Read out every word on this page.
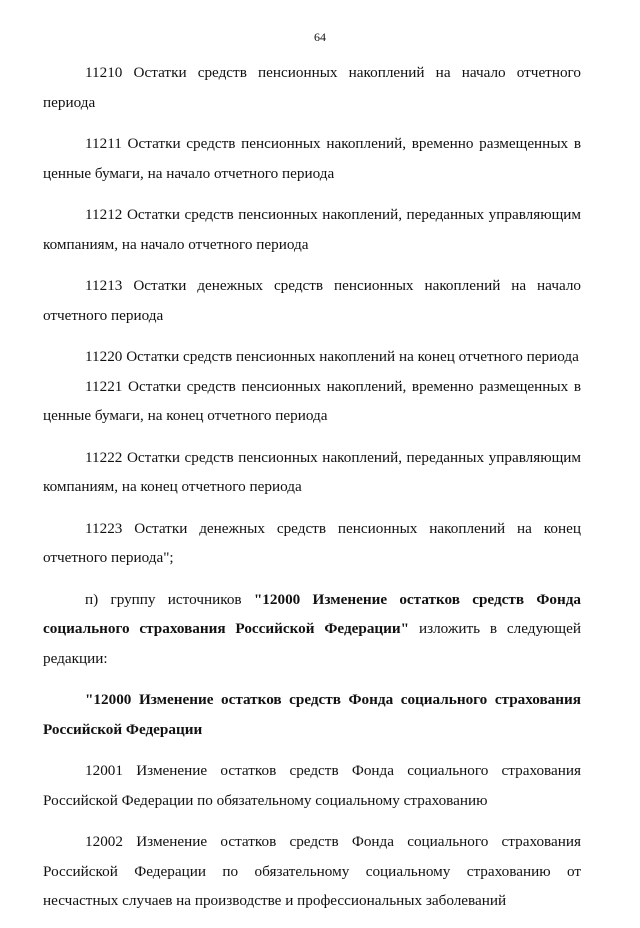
64

11210 Остатки средств пенсионных накоплений на начало отчетного периода

11211 Остатки средств пенсионных накоплений, временно размещенных в ценные бумаги, на начало отчетного периода

11212 Остатки средств пенсионных накоплений, переданных управляющим компаниям, на начало отчетного периода

11213 Остатки денежных средств пенсионных накоплений на начало отчетного периода

11220 Остатки средств пенсионных накоплений на конец отчетного периода

11221 Остатки средств пенсионных накоплений, временно размещенных в ценные бумаги, на конец отчетного периода

11222 Остатки средств пенсионных накоплений, переданных управляющим компаниям, на конец отчетного периода

11223 Остатки денежных средств пенсионных накоплений на конец отчетного периода";

п) группу источников "12000 Изменение остатков средств Фонда социального страхования Российской Федерации" изложить в следующей редакции:

"12000 Изменение остатков средств Фонда социального страхования Российской Федерации

12001 Изменение остатков средств Фонда социального страхования Российской Федерации по обязательному социальному страхованию

12002 Изменение остатков средств Фонда социального страхования Российской Федерации по обязательному социальному страхованию от несчастных случаев на производстве и профессиональных заболеваний
